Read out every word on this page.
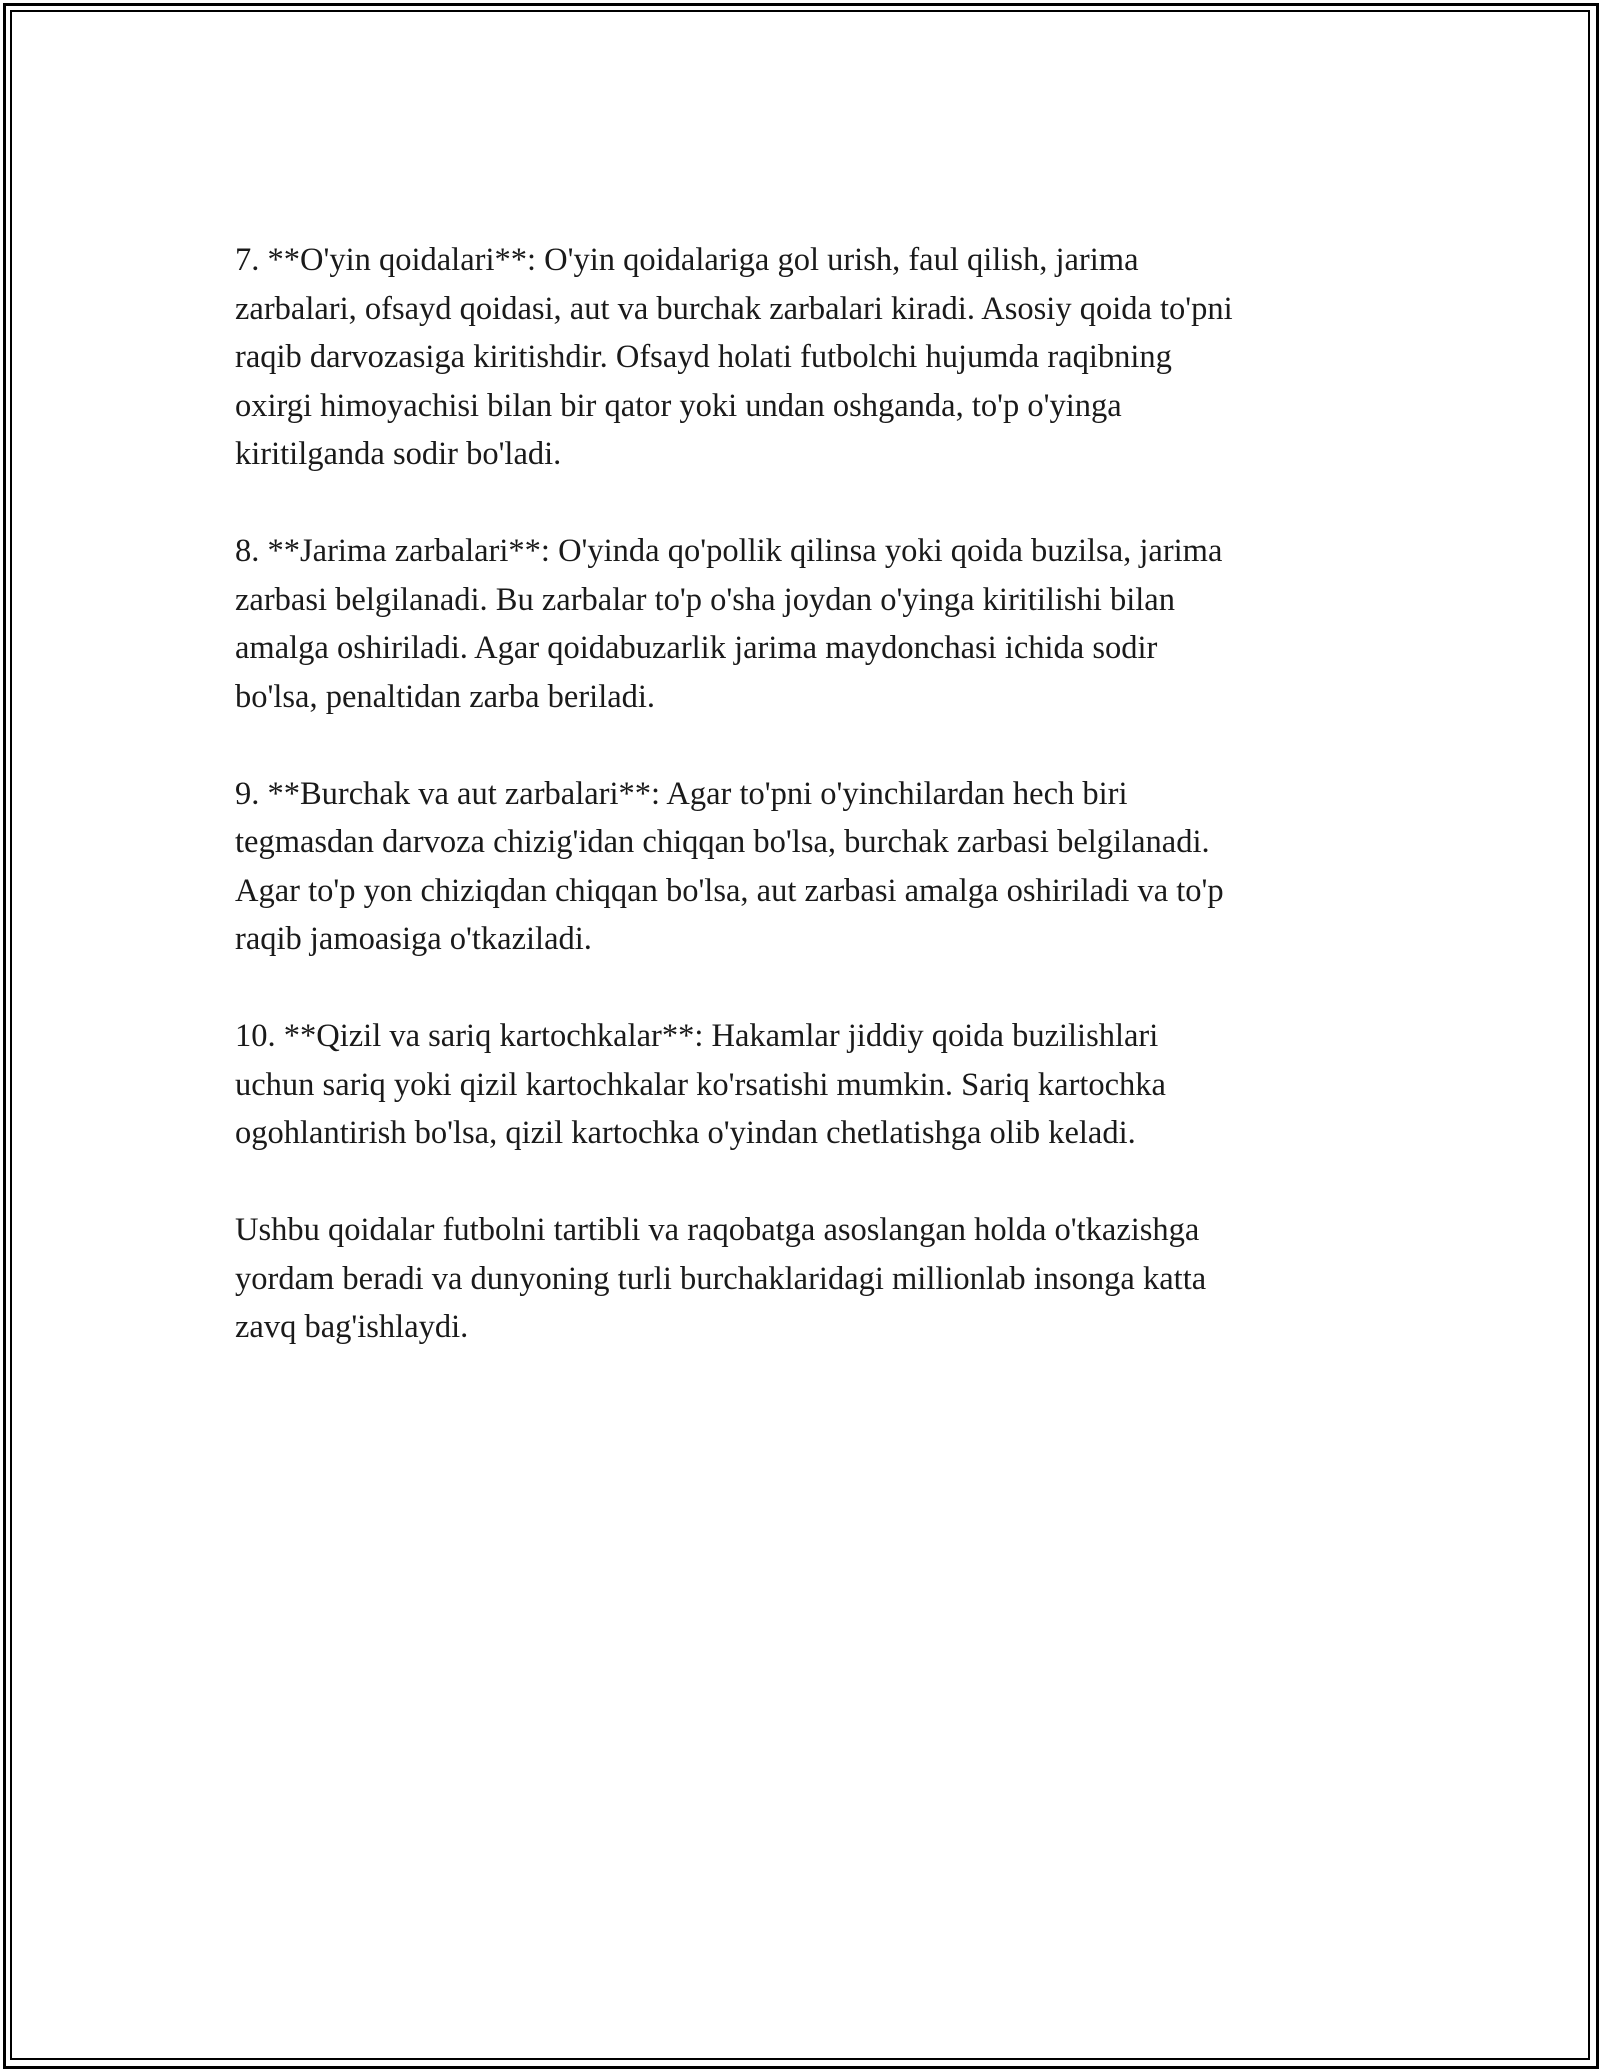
7. **O'yin qoidalari**: O'yin qoidalariga gol urish, faul qilish, jarima
zarbalari, ofsayd qoidasi, aut va burchak zarbalari kiradi. Asosiy qoida to'pni
raqib darvozasiga kiritishdir. Ofsayd holati futbolchi hujumda raqibning
oxirgi himoyachisi bilan bir qator yoki undan oshganda, to'p o'yinga
kiritilganda sodir bo'ladi.

8. **Jarima zarbalari**: O'yinda qo'pollik qilinsa yoki qoida buzilsa, jarima
zarbasi belgilanadi. Bu zarbalar to'p o'sha joydan o'yinga kiritilishi bilan
amalga oshiriladi. Agar qoidabuzarlik jarima maydonchasi ichida sodir
bo'lsa, penaltidan zarba beriladi.

9. **Burchak va aut zarbalari**: Agar to'pni o'yinchilardan hech biri
tegmasdan darvoza chizig'idan chiqqan bo'lsa, burchak zarbasi belgilanadi.
Agar to'p yon chiziqdan chiqqan bo'lsa, aut zarbasi amalga oshiriladi va to'p
raqib jamoasiga o'tkaziladi.

10. **Qizil va sariq kartochkalar**: Hakamlar jiddiy qoida buzilishlari
uchun sariq yoki qizil kartochkalar ko'rsatishi mumkin. Sariq kartochka
ogohlantirish bo'lsa, qizil kartochka o'yindan chetlatishga olib keladi.

Ushbu qoidalar futbolni tartibli va raqobatga asoslangan holda o'tkazishga
yordam beradi va dunyoning turli burchaklaridagi millionlab insonga katta
zavq bag'ishlaydi.
